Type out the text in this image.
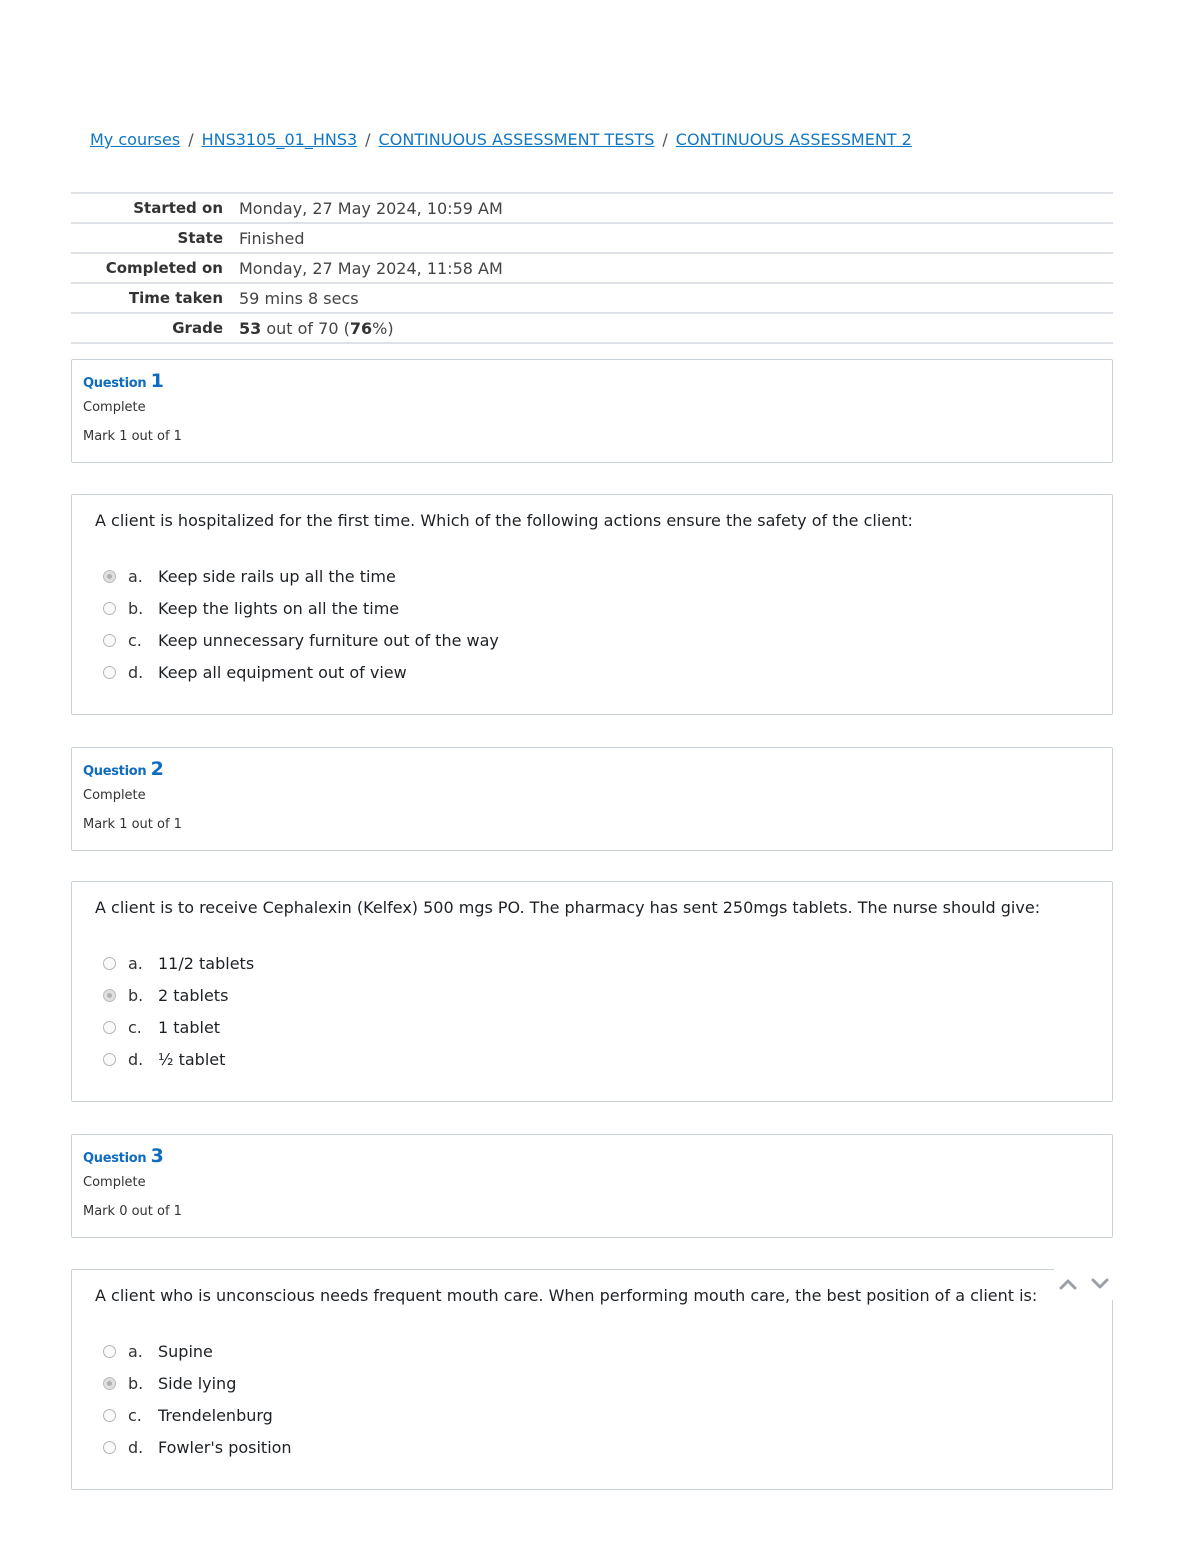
My courses / HNS3105_01_HNS3 / CONTINUOUS ASSESSMENT TESTS / CONTINUOUS ASSESSMENT 2
Started on	Monday, 27 May 2024, 10:59 AM
State	Finished
Completed on	Monday, 27 May 2024, 11:58 AM
Time taken	59 mins 8 secs
Grade	53 out of 70 (76%)
Question 1
Complete
Mark 1 out of 1
A client is hospitalized for the first time. Which of the following actions ensure the safety of the client:
a. Keep side rails up all the time
b. Keep the lights on all the time
c.	Keep unnecessary furniture out of the way
d. Keep all equipment out of view
Question 2
Complete
Mark 1 out of 1
A client is to receive Cephalexin (Kelfex) 500 mgs PO. The pharmacy has sent 250mgs tablets. The nurse should give:
a. 11/2 tablets
b. 2 tablets
c.	1 tablet
d. ½ tablet
Question 3
Complete
Mark 0 out of 1
A client who is unconscious needs frequent mouth care. When performing mouth care, the best position of a client is:
a. Supine
b. Side lying
c.	Trendelenburg
d. Fowler's position
